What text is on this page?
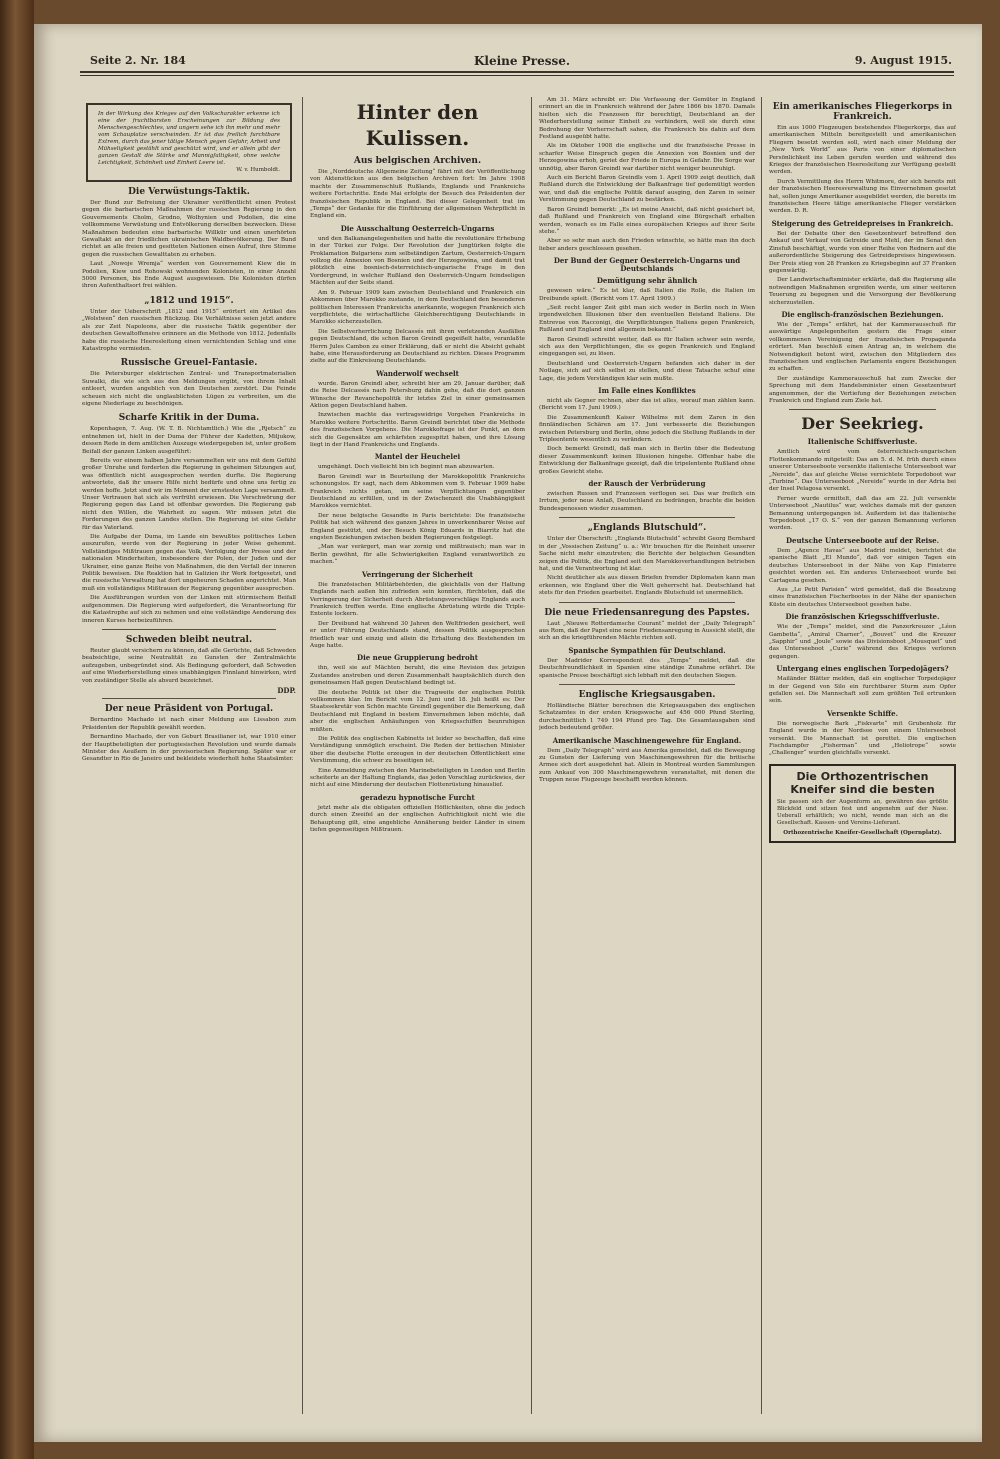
Seite 2. Nr. 184	Kleine Presse.	9. August 1915.
In der Wirkung des Krieges auf den Volkscharakter erkenne ich eine der fruchtbarsten Erscheinungen zur Bildung des Menschengeschlechtes, und ungern sehe ich ihn mehr und mehr vom Schauplatze verschwinden. Er ist das freilich furchtbare Extrem, durch das jener tätige Mensch gegen Gefahr, Arbeit und Mühseligkeit gestählt und geschützt wird, und er allein gibt der ganzen Gestalt die Stärke und Mannigfaltigkeit, ohne welche Leichtigkeit, Schönheit und Einheit Leere ist.
W. v. Humboldt.
Die Verwüstungs-Taktik.

Der Bund zur Befreiung der Ukrainer veröffentlicht einen Protest gegen die barbarischen Maßnahmen der russischen Regierung in den Gouvernements Cholm, Grodno, Wolhynien und Podolien, die eine vollkommene Verwüstung und Entvölkerung derselben bezwecken. Diese Maßnahmen bedeuten eine barbarische Willkür und einen unerhörten Gewaltakt an der friedlichen ukrainischen Waldbevölkerung. Der Bund richtet an alle freien und gesitteten Nationen einen Aufruf, ihre Stimme gegen die russischen Gewalttaten zu erheben.

Laut „Nowoje Wremja“ werden von Gouvernement Kiew die in Podolien, Kiew und Rohowski wohnenden Kolonisten, in einer Anzahl 5000 Personen, bis Ende August ausgewiesen. Die Kolonisten dürfen ihren Aufenthaltsort frei wählen.

„1812 und 1915“.

Unter der Ueberschrift „1812 und 1915“ erörtert ein Artikel des „Wolstwen“ den russischen Rückzug. Die Verhältnisse seien jetzt andere als zur Zeit Napoleons, aber die russische Taktik gegenüber der deutschen Gewaltoffensive erinnere an die Methode von 1812. Jedenfalls habe die russische Heeresleitung einen vernichtenden Schlag und eine Katastrophe vermieden.

Russische Greuel-Fantasie.

Die Petersburger elektrischen Zentral- und Transportmaterialien Suwalki, die wie sich aus den Meldungen ergibt, von ihrem Inhalt entleert, wurden angeblich von den Deutschen zerstört. Die Feinde scheuen sich nicht die unglaublichsten Lügen zu verbreiten, um die eigene Niederlage zu beschönigen.

Scharfe Kritik in der Duma.

Kopenhagen, 7. Aug. (W. T. B. Nichtamtlich.) Wie die „Rjetsch“ zu entnehmen ist, hielt in der Duma der Führer der Kadetten, Miljukow, dessen Rede in dem amtlichen Auszuge wiedergegeben ist, unter großem Beifall der ganzen Linken ausgeführt:

Bereits vor einem halben Jahre versammelten wir uns mit dem Gefühl großer Unruhe und forderten die Regierung in geheimen Sitzungen auf, was öffentlich nicht ausgesprochen werden durfte. Die Regierung antwortete, daß ihr unsere Hilfe nicht bedürfe und ohne uns fertig zu werden hoffe. Jetzt sind wir im Moment der ernstesten Lage versammelt. Unser Vertrauen hat sich als verfrüht erwiesen. Die Verschwörung der Regierung gegen das Land ist offenbar geworden. Die Regierung gab nicht den Willen, die Wahrheit zu sagen. Wir müssen jetzt die Forderungen des ganzen Landes stellen. Die Regierung ist eine Gefahr für das Vaterland.

Die Aufgabe der Duma, im Lande ein bewußtes politisches Leben auszurufen, werde von der Regierung in jeder Weise gehemmt. Vollständiges Mißtrauen gegen das Volk, Verfolgung der Presse und der nationalen Minderheiten, insbesondere der Polen, der Juden und der Ukrainer, eine ganze Reihe von Maßnahmen, die den Verfall der inneren Politik beweisen. Die Reaktion hat in Galizien ihr Werk fortgesetzt, und die russische Verwaltung hat dort ungeheuren Schaden angerichtet. Man muß ein vollständiges Mißtrauen der Regierung gegenüber aussprechen.

Die Ausführungen wurden von der Linken mit stürmischem Beifall aufgenommen. Die Regierung wird aufgefordert, die Verantwortung für die Katastrophe auf sich zu nehmen und eine vollständige Aenderung des inneren Kurses herbeizuführen.

Schweden bleibt neutral.

Reuter glaubt versichern zu können, daß alle Gerüchte, daß Schweden beabsichtige, seine Neutralität zu Gunsten der Zentralmächte aufzugeben, unbegründet sind. Als Bedingung gefordert, daß Schweden auf eine Wiederherstellung eines unabhängigen Finnland hinwirken, wird von zuständiger Stelle als absurd bezeichnet.

DDP.
Der neue Präsident von Portugal.

Bernardino Machado ist nach einer Meldung aus Lissabon zum Präsidenten der Republik gewählt worden.

Bernardino Machado, der von Geburt Brasilianer ist, war 1910 einer der Hauptbeteiligten der portugiesischen Revolution und wurde damals Minister des Aeußern in der provisorischen Regierung. Später war er Gesandter in Rio de Janeiro und bekleidete wiederholt hohe Staatsämter.

Hinter den Kulissen.
Aus belgischen Archiven.

Die „Norddeutsche Allgemeine Zeitung“ fährt mit der Veröffentlichung von Aktenstücken aus den belgischen Archiven fort: Im Jahre 1908 machte der Zusammenschluß Rußlands, Englands und Frankreichs weitere Fortschritte. Ende Mai erfolgte der Besuch des Präsidenten der französischen Republik in England. Bei dieser Gelegenheit trat im „Temps“ der Gedanke für die Einführung der allgemeinen Wehrpflicht in England ein.

Die Ausschaltung Oesterreich-Ungarns

und den Balkanangelegenheiten und hatte die revolutionäre Erhebung in der Türkei zur Folge. Der Revolution der Jungtürken folgte die Proklamation Bulgariens zum selbständigen Zartum, Oesterreich-Ungarn vollzog die Annexion von Bosnien und der Herzegowina, und damit trat plötzlich eine bosnisch-österreichisch-ungarische Frage in den Vordergrund, in welcher Rußland den Oesterreich-Ungarn feindseligen Mächten auf der Seite stand.

Am 9. Februar 1909 kam zwischen Deutschland und Frankreich ein Abkommen über Marokko zustande, in dem Deutschland den besonderen politischen Interessen Frankreichs anerkannte, wogegen Frankreich sich verpflichtete, die wirtschaftliche Gleichberechtigung Deutschlands in Marokko sicherzustellen.

Die Selbstverherrlichung Delcassés mit ihren verletzenden Ausfällen gegen Deutschland, die schon Baron Greindl gegeißelt hatte, veranlaßte Herrn Jules Cambon zu einer Erklärung, daß er nicht die Absicht gehabt habe, eine Herausforderung an Deutschland zu richten. Dieses Programm zielte auf die Einkreisung Deutschlands.

Wanderwolf wechselt

wurde. Baron Greindl aber, schreibt hier am 29. Januar darüber, daß die Reise Delcassés nach Petersburg dahin gehe, daß die dort ganzen Wünsche der Revanchepolitik ihr letztes Ziel in einer gemeinsamen Aktion gegen Deutschland haben.

Inzwischen machte das vertragswidrige Vorgehen Frankreichs in Marokko weitere Fortschritte. Baron Greindl berichtet über die Methode des französischen Vorgehens. Die Marokkofrage ist der Punkt, an dem sich die Gegensätze am schärfsten zugespitzt haben, und ihre Lösung liegt in der Hand Frankreichs und Englands.

Mantel der Heuchelei

umgehängt. Doch vielleicht bin ich beginnt man abzuwarten.

Baron Greindl war in Beurteilung der Marokkopolitik Frankreichs schonungslos. Er sagt, nach dem Abkommen vom 9. Februar 1909 habe Frankreich nichts getan, um seine Verpflichtungen gegenüber Deutschland zu erfüllen, und in der Zwischenzeit die Unabhängigkeit Marokkos vernichtet.

Der neue belgische Gesandte in Paris berichtete: Die französische Politik hat sich während des ganzen Jahres in unverkennbarer Weise auf England gestützt, und der Besuch König Eduards in Biarritz hat die engsten Beziehungen zwischen beiden Regierungen festgelegt.

„Man war verärgert, man war zornig und mißtrauisch; man war in Berlin gewöhnt, für alle Schwierigkeiten England verantwortlich zu machen.“

Verringerung der Sicherheit

Die französischen Militärbehörden, die gleichfalls von der Haltung Englands nach außen hin zufrieden sein konnten, fürchteten, daß die Verringerung der Sicherheit durch Abrüstungsvorschläge Englands auch Frankreich treffen werde. Eine englische Abrüstung würde die Triple-Entente lockern.

Der Dreibund hat während 30 Jahren den Weltfrieden gesichert, weil er unter Führung Deutschlands stand, dessen Politik ausgesprochen friedlich war und einzig und allein die Erhaltung des Bestehenden im Auge hatte.

Die neue Gruppierung bedroht

ihn, weil sie auf Mächten beruht, die eine Revision des jetzigen Zustandes anstreben und deren Zusammenhalt hauptsächlich durch den gemeinsamen Haß gegen Deutschland bedingt ist.

Die deutsche Politik ist über die Tragweite der englischen Politik vollkommen klar. Im Bericht vom 12. Juni und 18. Juli heißt es: Der Staatssekretär von Schön machte Greindl gegenüber die Bemerkung, daß Deutschland mit England in bestem Einvernehmen leben möchte, daß aber die englischen Anhäufungen von Kriegsschiffen beunruhigen müßten.

Die Politik des englischen Kabinetts ist leider so beschaffen, daß eine Verständigung unmöglich erscheint. Die Reden der britischen Minister über die deutsche Flotte erzeugen in der deutschen Öffentlichkeit eine Verstimmung, die schwer zu beseitigen ist.

Eine Anmeldung zwischen den Marinebeteiligten in London und Berlin scheiterte an der Haltung Englands, das jeden Vorschlag zurückwies, der nicht auf eine Minderung der deutschen Flottenrüstung hinauslief.

geradezu hypnotische Furcht

jetzt mehr als die obligaten offiziellen Höflichkeiten, ohne die jedoch durch einen Zweifel an der englischen Aufrichtigkeit nicht wie die Behauptung gilt, eine angebliche Annäherung beider Länder in einem tiefen gegenseitigen Mißtrauen.

Am 31. März schreibt er: Die Verfassung der Gemüter in England erinnert an die in Frankreich während der Jahre 1866 bis 1870. Damals hielten sich die Franzosen für berechtigt, Deutschland an der Wiederherstellung seiner Einheit zu verhindern, weil sie durch eine Bedrohung der Vorherrschaft sahen, die Frankreich bis dahin auf dem Festland ausgeübt hatte.

Als im Oktober 1908 die englische und die französische Presse in scharfer Weise Einspruch gegen die Annexion von Bosnien und der Herzegowina erhob, geriet der Friede in Europa in Gefahr. Die Sorge war unnötig, aber Baron Greindl war darüber nicht weniger beunruhigt.

Auch ein Bericht Baron Greindls vom 1. April 1909 zeigt deutlich, daß Rußland durch die Entwicklung der Balkanfrage tief gedemütigt worden war, und daß die englische Politik darauf ausging, den Zaren in seiner Verstimmung gegen Deutschland zu bestärken.

Baron Greindl bemerkt: „Es ist meine Ansicht, daß nicht gesichert ist, daß Rußland und Frankreich von England eine Bürgschaft erhalten werden, wonach es im Falle eines europäischen Krieges auf ihrer Seite stehe.“

Aber so sehr man auch den Frieden wünschte, so hätte man ihn doch lieber anders geschlossen gesehen.

Der Bund der Gegner Oesterreich-Ungarns und Deutschlands
Demütigung sehr ähnlich

gewesen wäre.“ Es ist klar, daß Italien die Rolle, die Italien im Dreibunde spielt. (Bericht vom 17. April 1909.)

„Seit recht langer Zeit gibt man sich weder in Berlin noch in Wien irgendwelchen Illusionen über den eventuellen Beistand Italiens. Die Entrevue von Racconigi, die Verpflichtungen Italiens gegen Frankreich, Rußland und England sind allgemein bekannt.“

Baron Greindl schreibt weiter, daß es für Italien schwer sein werde, sich aus den Verpflichtungen, die es gegen Frankreich und England eingegangen sei, zu lösen.

Deutschland und Oesterreich-Ungarn befanden sich daher in der Notlage, sich auf sich selbst zu stellen, und diese Tatsache schuf eine Lage, die jedem Verständigen klar sein mußte.

Im Falle eines Konfliktes

nicht als Gegner rechnen, aber das ist alles, worauf man zählen kann. (Bericht vom 17. Juni 1909.)

Die Zusammenkunft Kaiser Wilhelms mit dem Zaren in den finnländischen Schären am 17. Juni verbesserte die Beziehungen zwischen Petersburg und Berlin, ohne jedoch die Stellung Rußlands in der Tripleentente wesentlich zu verändern.

Doch bemerkt Greindl, daß man sich in Berlin über die Bedeutung dieser Zusammenkunft keinen Illusionen hingebe. Offenbar habe die Entwicklung der Balkanfrage gezeigt, daß die tripelentente Rußland ohne großes Gewicht stehe.

der Rausch der Verbrüderung

zwischen Russen und Franzosen verflogen sei. Das war freilich ein Irrtum, jeder neue Anlaß, Deutschland zu bedrängen, brachte die beiden Bundesgenossen wieder zusammen.

„Englands Blutschuld“.

Unter der Überschrift: „Englands Blutschuld“ schreibt Georg Bernhard in der „Vossischen Zeitung“ u. a.: Wir brauchen für die Reinheit unserer Sache nicht mehr einzutreten; die Berichte der belgischen Gesandten zeigen die Politik, die England seit den Marokkoverhandlungen betrieben hat, und die Verantwortung ist klar.

Nicht deutlicher als aus diesen Briefen fremder Diplomaten kann man erkennen, wie England über die Welt geherrscht hat. Deutschland hat stets für den Frieden gearbeitet. Englands Blutschuld ist unermeßlich.

Die neue Friedensanregung des Papstes.

Laut „Nieuwe Rotterdamsche Courant“ meldet der „Daily Telegraph“ aus Rom, daß der Papst eine neue Friedensanregung in Aussicht stellt, die sich an die kriegführenden Mächte richten soll.

Spanische Sympathien für Deutschland.

Der Madrider Korrespondent des „Temps“ meldet, daß die Deutschfreundlichkeit in Spanien eine ständige Zunahme erfährt. Die spanische Presse beschäftigt sich lebhaft mit den deutschen Siegen.

Englische Kriegsausgaben.

Holländische Blätter berechnen die Kriegsausgaben des englischen Schatzamtes in der ersten Kriegswoche auf 456 000 Pfund Sterling, durchschnittlich 1 749 194 Pfund pro Tag. Die Gesamtausgaben sind jedoch bedeutend größer.

Amerikanische Maschinengewehre für England.

Dem „Daily Telegraph“ wird aus Amerika gemeldet, daß die Bewegung zu Gunsten der Lieferung von Maschinengewehren für die britische Armee sich dort ausgedehnt hat. Allein in Montreal wurden Sammlungen zum Ankauf von 300 Maschinengewehren veranstaltet, mit denen die Truppen neue Flugzeuge beschafft werden können.

Ein amerikanisches Fliegerkorps in Frankreich.

Ein aus 1000 Flugzeugen bestehendes Fliegerkorps, das auf amerikanischen Mitteln bereitgestellt und amerikanischen Fliegern besetzt werden soll, wird nach einer Meldung der „New York World“ aus Paris von einer diplomatischen Persönlichkeit ins Leben gerufen werden und während des Krieges der französischen Heeresleitung zur Verfügung gestellt werden.

Durch Vermittlung des Herrn Whitmore, der sich bereits mit der französischen Heeresverwaltung ins Einvernehmen gesetzt hat, sollen junge Amerikaner ausgebildet werden, die bereits im französischen Heere tätige amerikanische Flieger verstärken werden. D. R.

Steigerung des Getreidepreises in Frankreich.

Bei der Debatte über den Gesetzentwurf betreffend den Ankauf und Verkauf von Getreide und Mehl, der im Senat den Zinsfuß beschäftigt, wurde von einer Reihe von Rednern auf die außerordentliche Steigerung des Getreidepreises hingewiesen. Der Preis stieg von 28 Franken zu Kriegsbeginn auf 37 Franken gegenwärtig.

Der Landwirtschaftsminister erklärte, daß die Regierung alle notwendigen Maßnahmen ergreifen werde, um einer weiteren Teuerung zu begegnen und die Versorgung der Bevölkerung sicherzustellen.

Die englisch-französischen Beziehungen.

Wie der „Temps“ erfährt, hat der Kammerausschuß für auswärtige Angelegenheiten gestern die Frage einer vollkommenen Vereinigung der französischen Propaganda erörtert. Man beschloß einen Antrag an, in welchem die Notwendigkeit betont wird, zwischen den Mitgliedern des französischen und englischen Parlaments engere Beziehungen zu schaffen.

Der zuständige Kammerausschuß hat zum Zwecke der Sprechung mit dem Handelsminister einen Gesetzentwurf angenommen, der die Vertiefung der Beziehungen zwischen Frankreich und England zum Ziele hat.

Der Seekrieg.
Italienische Schiffsverluste.

Amtlich wird vom österreichisch-ungarischen Flottenkommando mitgeteilt: Das am 5. d. M. früh durch eines unserer Unterseeboote versenkte italienische Unterseeboot war „Nereide“, das auf gleiche Weise vernichtete Torpedoboot war „Turbine“. Das Unterseeboot „Nereide“ wurde in der Adria bei der Insel Pelagosa versenkt.

Ferner wurde ermittelt, daß das am 22. Juli versenkte Unterseeboot „Nautilus“ war, welches damals mit der ganzen Bemannung untergegangen ist. Außerdem ist das italienische Torpedoboot „17 O. S.“ von der ganzen Bemannung verloren worden.

Deutsche Unterseeboote auf der Reise.

Dem „Agence Havas“ aus Madrid meldet, berichtet die spanische Blatt „El Mundo“, daß vor einigen Tagen ein deutsches Unterseeboot in der Nähe von Kap Finisterre gesichtet worden sei. Ein anderes Unterseeboot wurde bei Cartagena gesehen.

Aus „Le Petit Parisien“ wird gemeldet, daß die Besatzung eines französischen Fischerbootes in der Nähe der spanischen Küste ein deutsches Unterseeboot gesehen habe.

Die französischen Kriegsschiffverluste.

Wie der „Temps“ meldet, sind die Panzerkreuzer „Léon Gambetta“, „Amiral Charner“, „Bouvet“ und die Kreuzer „Sapphir“ und „Joule“ sowie das Divisionsboot „Mousquet“ und das Unterseeboot „Curie“ während des Krieges verloren gegangen.

Untergang eines englischen Torpedojägers?

Mailänder Blätter melden, daß ein englischer Torpedojäger in der Gegend von Silo ein furchtbarer Sturm zum Opfer gefallen sei. Die Mannschaft soll zum größten Teil ertrunken sein.

Versenkte Schiffe.

Die norwegische Bark „Fiskvarte“ mit Grubenholz für England wurde in der Nordsee von einem Unterseeboot versenkt. Die Mannschaft ist gerettet. Die englischen Fischdampfer „Fisherman“ und „Heliotrope“ sowie „Challenger“ wurden gleichfalls versenkt.

Die Orthozentrischen Kneifer sind die besten
Sie passen sich der Augenform an, gewähren das größte Blickfeld und sitzen fest und angenehm auf der Nase. Ueberall erhältlich; wo nicht, wende man sich an die Gesellschaft. Kassen- und Vereins-Lieferant.
Orthozentrische Kneifer-Gesellschaft (Opernplatz).
